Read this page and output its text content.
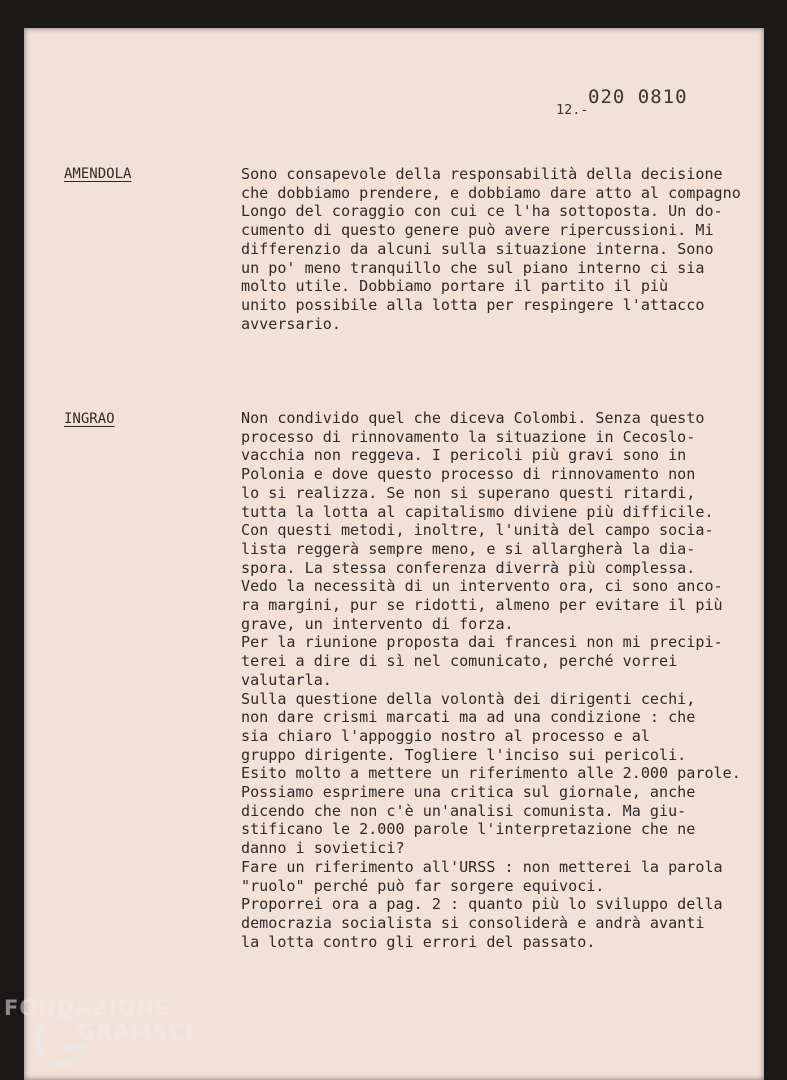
020 0810
12.-
AMENDOLA	Sono consapevole della responsabilità della decisione
che dobbiamo prendere, e dobbiamo dare atto al compagno
Longo del coraggio con cui ce l'ha sottoposta. Un do-
cumento di questo genere può avere ripercussioni. Mi
differenzio da alcuni sulla situazione interna. Sono
un po' meno tranquillo che sul piano interno ci sia
molto utile. Dobbiamo portare il partito il più
unito possibile alla lotta per respingere l'attacco
avversario.
INGRAO	Non condivido quel che diceva Colombi. Senza questo
processo di rinnovamento la situazione in Cecoslo-
vacchia non reggeva. I pericoli più gravi sono in
Polonia e dove questo processo di rinnovamento non
lo si realizza. Se non si superano questi ritardi,
tutta la lotta al capitalismo diviene più difficile.
Con questi metodi, inoltre, l'unità del campo socia-
lista reggerà sempre meno, e si allargherà la dia-
spora. La stessa conferenza diverrà più complessa.
Vedo la necessità di un intervento ora, ci sono anco-
ra margini, pur se ridotti, almeno per evitare il più
grave, un intervento di forza.
Per la riunione proposta dai francesi non mi precipi-
terei a dire di sì nel comunicato, perché vorrei
valutarla.
Sulla questione della volontà dei dirigenti cechi,
non dare crismi marcati ma ad una condizione : che
sia chiaro l'appoggio nostro al processo e al
gruppo dirigente. Togliere l'inciso sui pericoli.
Esito molto a mettere un riferimento alle 2.000 parole.
Possiamo esprimere una critica sul giornale, anche
dicendo che non c'è un'analisi comunista. Ma giu-
stificano le 2.000 parole l'interpretazione che ne
danno i sovietici?
Fare un riferimento all'URSS : non metterei la parola
"ruolo" perché può far sorgere equivoci.
Proporrei ora a pag. 2 : quanto più lo sviluppo della
democrazia socialista si consoliderà e andrà avanti
la lotta contro gli errori del passato.
FONDAZIONE
GRAMSCI
onlus
